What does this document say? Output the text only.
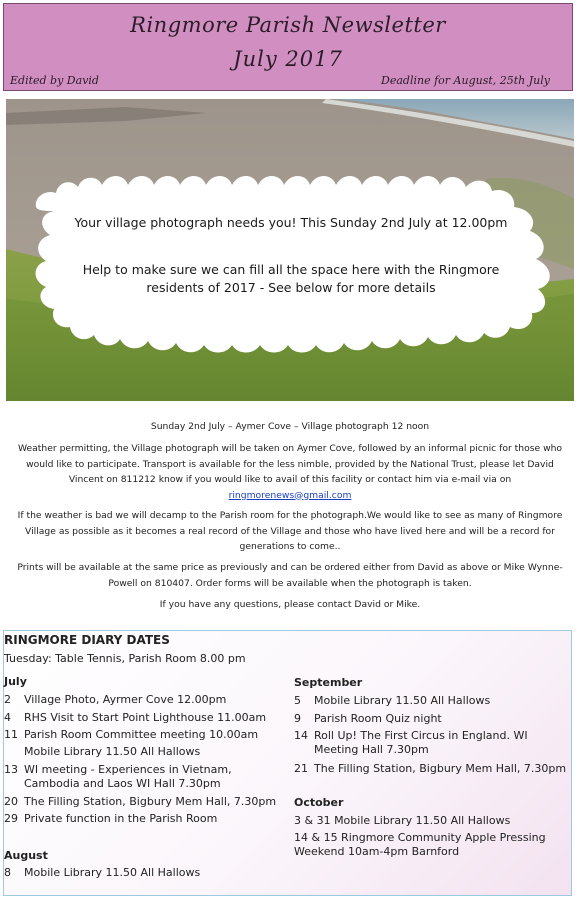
Ringmore Parish Newsletter
July 2017
Edited by David	Deadline for August, 25th July
Your village photograph needs you! This Sunday 2nd July at 12.00pm
Help to make sure we can fill all the space here with the Ringmore residents of 2017 - See below for more details
Sunday 2nd July – Aymer Cove – Village photograph 12 noon
Weather permitting, the Village photograph will be taken on Aymer Cove, followed by an informal picnic for those who would like to participate. Transport is available for the less nimble, provided by the National Trust, please let David Vincent on 811212 know if you would like to avail of this facility or contact him via e-mail via on
ringmorenews@gmail.com
If the weather is bad we will decamp to the Parish room for the photograph.We would like to see as many of Ringmore Village as possible as it becomes a real record of the Village and those who have lived here and will be a record for generations to come..
Prints will be available at the same price as previously and can be ordered either from David as above or Mike Wynne-Powell on 810407. Order forms will be available when the photograph is taken.
If you have any questions, please contact David or Mike.
RINGMORE DIARY DATES
Tuesday: Table Tennis, Parish Room 8.00 pm
July
2	Village Photo, Ayrmer Cove 12.00pm
4	RHS Visit to Start Point Lighthouse 11.00am
11 Parish Room Committee meeting 10.00am
Mobile Library 11.50 All Hallows
13 WI meeting - Experiences in Vietnam, Cambodia and Laos WI Hall 7.30pm
20 The Filling Station, Bigbury Mem Hall, 7.30pm
29 Private function in the Parish Room
August
8	Mobile Library 11.50 All Hallows
September
5	Mobile Library 11.50 All Hallows
9	Parish Room Quiz night
14 Roll Up! The First Circus in England. WI Meeting Hall 7.30pm
21 The Filling Station, Bigbury Mem Hall, 7.30pm
October
3 & 31 Mobile Library 11.50 All Hallows
14 & 15 Ringmore Community Apple Pressing Weekend 10am-4pm Barnford
